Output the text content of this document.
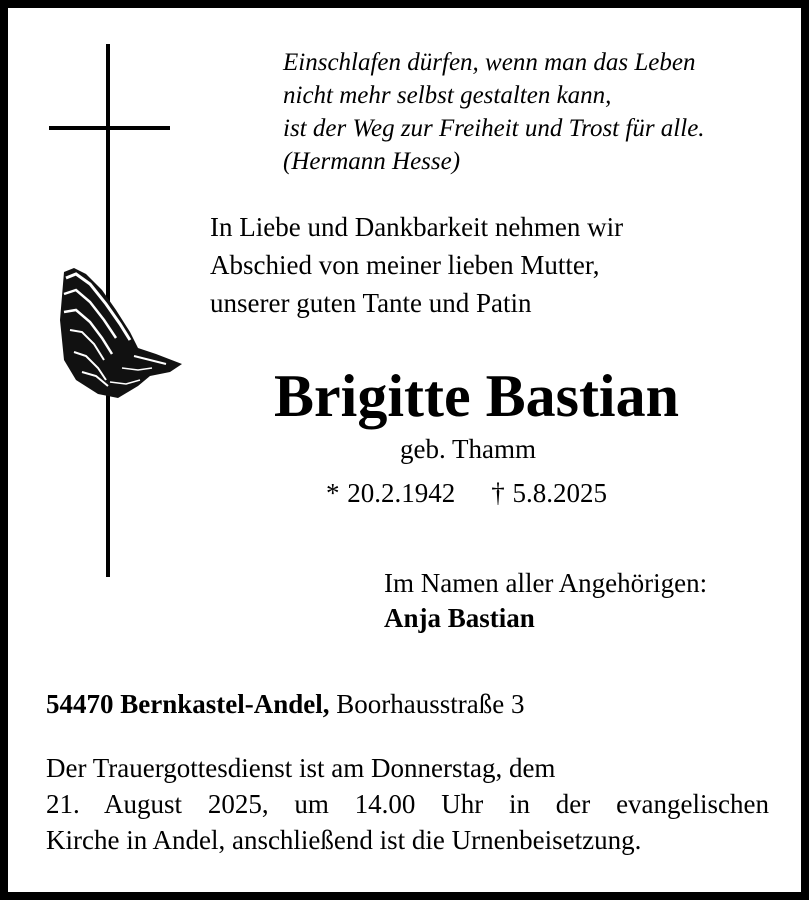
Einschlafen dürfen, wenn man das Leben
nicht mehr selbst gestalten kann,
ist der Weg zur Freiheit und Trost für alle.
(Hermann Hesse)
In Liebe und Dankbarkeit nehmen wir
Abschied von meiner lieben Mutter,
unserer guten Tante und Patin
Brigitte Bastian
geb. Thamm
* 20.2.1942 † 5.8.2025
Im Namen aller Angehörigen:
Anja Bastian
54470 Bernkastel-Andel, Boorhausstraße 3
Der Trauergottesdienst ist am Donnerstag, dem
21. August 2025, um 14.00 Uhr in der evangelischen
Kirche in Andel, anschließend ist die Urnenbeisetzung.
